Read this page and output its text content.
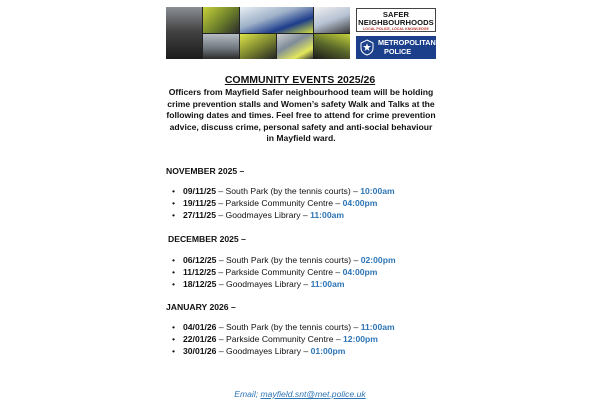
SAFER
NEIGHBOURHOODS
LOCAL POLICE, LOCAL KNOWLEDGE
METROPOLITAN
POLICE
COMMUNITY EVENTS 2025/26
Officers from Mayfield Safer neighbourhood team will be holding crime prevention stalls and Women’s safety Walk and Talks at the following dates and times. Feel free to attend for crime prevention advice, discuss crime, personal safety and anti-social behaviour in Mayfield ward.
NOVEMBER 2025 –
• 09/11/25 – South Park (by the tennis courts) – 10:00am
• 19/11/25 – Parkside Community Centre – 04:00pm
• 27/11/25 – Goodmayes Library – 11:00am
DECEMBER 2025 –
• 06/12/25 – South Park (by the tennis courts) – 02:00pm
• 11/12/25 – Parkside Community Centre – 04:00pm
• 18/12/25 – Goodmayes Library – 11:00am
JANUARY 2026 –
• 04/01/26 – South Park (by the tennis courts) – 11:00am
• 22/01/26 – Parkside Community Centre – 12:00pm
• 30/01/26 – Goodmayes Library – 01:00pm
Email; mayfield.snt@met.police.uk
